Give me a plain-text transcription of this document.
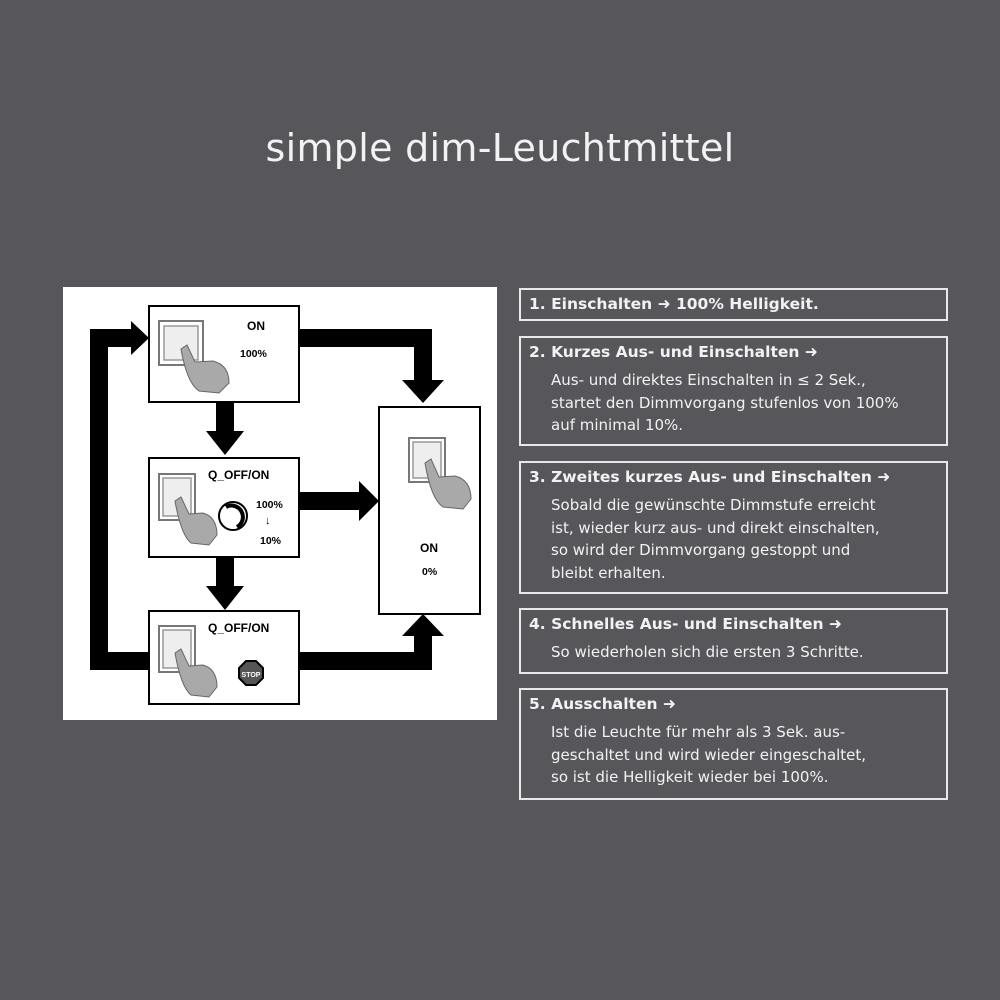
simple dim-Leuchtmittel
ON
100%
Q_OFF/ON
100%
↓
10%
STOP
Q_OFF/ON
ON
0%
1. Einschalten ➜ 100% Helligkeit.
2. Kurzes Aus- und Einschalten ➜
Aus- und direktes Einschalten in ≤ 2 Sek.,
startet den Dimmvorgang stufenlos von 100%
auf minimal 10%.
3. Zweites kurzes Aus- und Einschalten ➜
Sobald die gewünschte Dimmstufe erreicht
ist, wieder kurz aus- und direkt einschalten,
so wird der Dimmvorgang gestoppt und
bleibt erhalten.
4. Schnelles Aus- und Einschalten ➜
So wiederholen sich die ersten 3 Schritte.
5. Ausschalten ➜
Ist die Leuchte für mehr als 3 Sek. aus-
geschaltet und wird wieder eingeschaltet,
so ist die Helligkeit wieder bei 100%.
